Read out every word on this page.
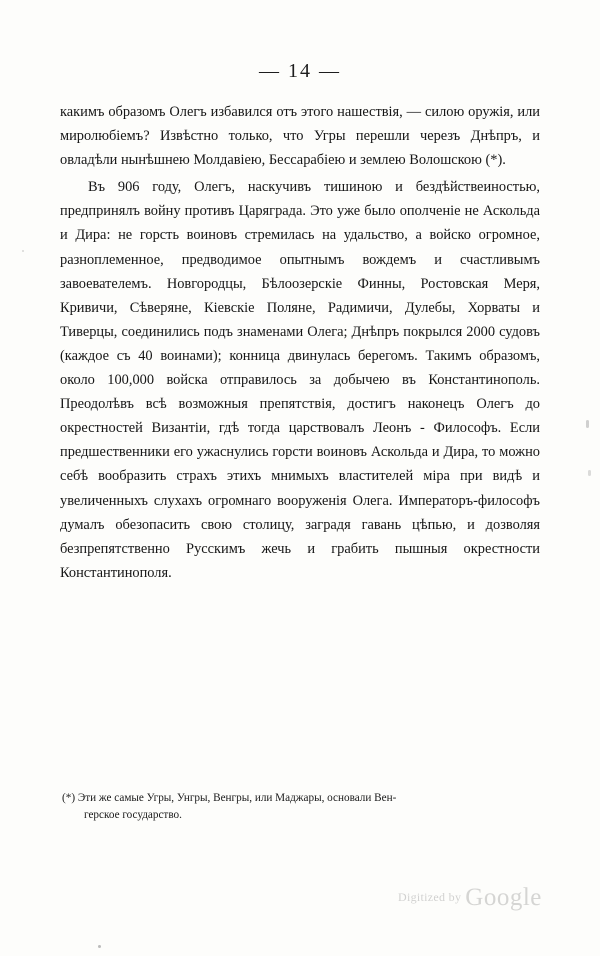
— 14 —

какимъ образомъ Олегъ избавился отъ этого нашествія, — силою оружія, или миролюбіемъ? Извѣстно только, что Угры перешли черезъ Днѣпръ, и овладѣли нынѣшнею Молдавіею, Бессарабіею и землею Волошскою (*).

Въ 906 году, Олегъ, наскучивъ тишиною и бездѣйствеиностью, предпринялъ войну противъ Царяграда. Это уже было ополченіе не Аскольда и Дира: не горсть воиновъ стремилась на удальство, а войско огромное, разноплеменное, предводимое опытнымъ вождемъ и счастливымъ завоевателемъ. Новгородцы, Бѣлоозерскіе Финны, Ростовская Меря, Кривичи, Сѣверяне, Кіевскіе Поляне, Радимичи, Дулебы, Хорваты и Тиверцы, соединились подъ знаменами Олега; Днѣпръ покрылся 2000 судовъ (каждое съ 40 воинами); конница двинулась берегомъ. Такимъ образомъ, около 100,000 войска отправилось за добычею въ Константинополь. Преодолѣвъ всѣ возможныя препятствія, достигъ наконецъ Олегъ до окрестностей Византіи, гдѣ тогда царствовалъ Леонъ - Философъ. Если предшественники его ужаснулись горсти воиновъ Аскольда и Дира, то можно себѣ вообразить страхъ этихъ мнимыхъ властителей міра при видѣ и увеличенныхъ слухахъ огромнаго вооруженія Олега. Императоръ-философъ думалъ обезопасить свою столицу, заградя гавань цѣпью, и дозволяя безпрепятственно Русскимъ жечь и грабить пышныя окрестности Константинополя.

(*) Эти же самые Угры, Унгры, Венгры, или Маджары, основали Вен-
герское государство.
Digitized by Google
